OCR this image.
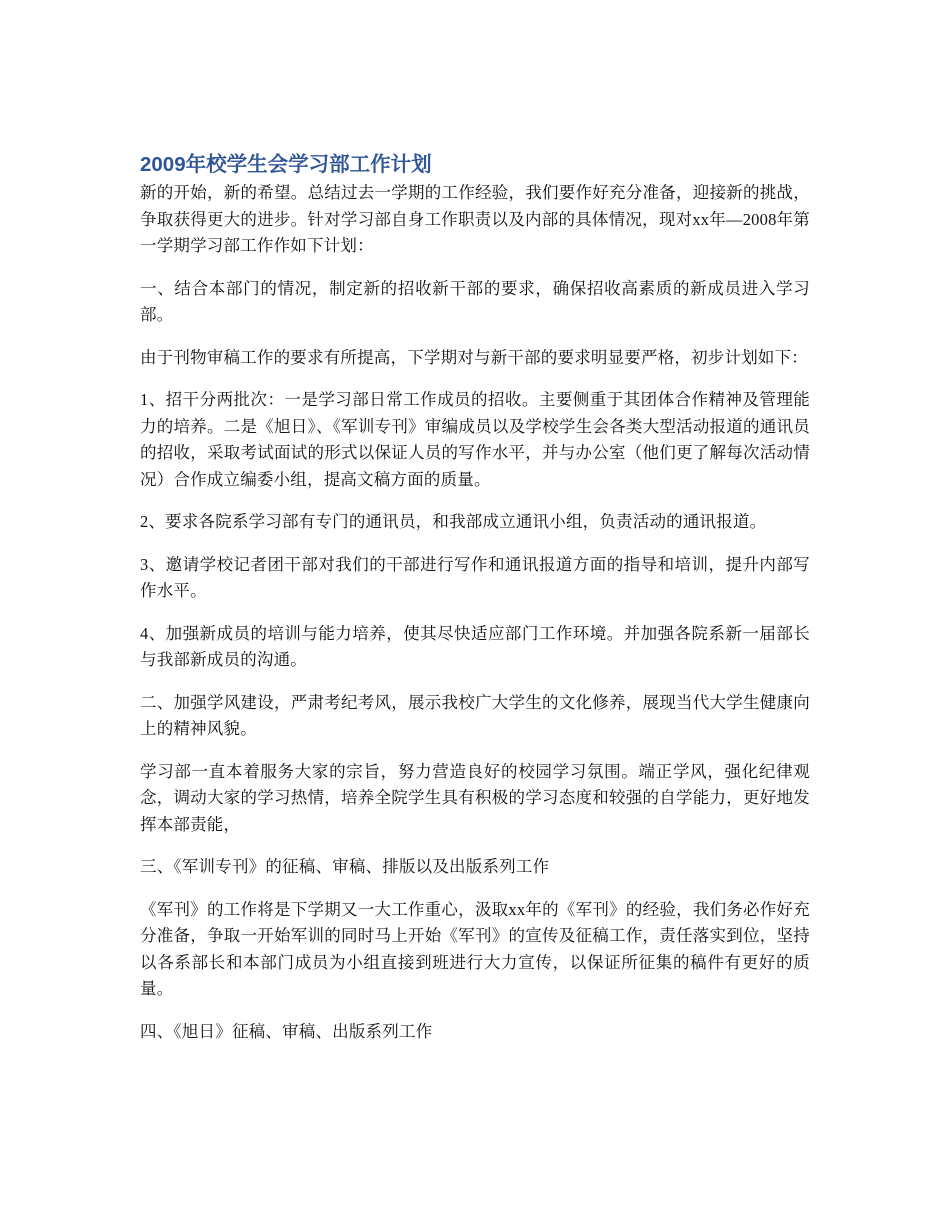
2009年校学生会学习部工作计划

新的开始，新的希望。总结过去一学期的工作经验，我们要作好充分准备，迎接新的挑战，争取获得更大的进步。针对学习部自身工作职责以及内部的具体情况，现对xx年—2008年第一学期学习部工作作如下计划：

一、结合本部门的情况，制定新的招收新干部的要求，确保招收高素质的新成员进入学习部。

由于刊物审稿工作的要求有所提高，下学期对与新干部的要求明显要严格，初步计划如下：

1、招干分两批次：一是学习部日常工作成员的招收。主要侧重于其团体合作精神及管理能力的培养。二是《旭日》、《军训专刊》审编成员以及学校学生会各类大型活动报道的通讯员的招收，采取考试面试的形式以保证人员的写作水平，并与办公室（他们更了解每次活动情况）合作成立编委小组，提高文稿方面的质量。

2、要求各院系学习部有专门的通讯员，和我部成立通讯小组，负责活动的通讯报道。

3、邀请学校记者团干部对我们的干部进行写作和通讯报道方面的指导和培训，提升内部写作水平。

4、加强新成员的培训与能力培养，使其尽快适应部门工作环境。并加强各院系新一届部长与我部新成员的沟通。

二、加强学风建设，严肃考纪考风，展示我校广大学生的文化修养，展现当代大学生健康向上的精神风貌。

学习部一直本着服务大家的宗旨，努力营造良好的校园学习氛围。端正学风，强化纪律观念，调动大家的学习热情，培养全院学生具有积极的学习态度和较强的自学能力，更好地发挥本部责能，

三、《军训专刊》的征稿、审稿、排版以及出版系列工作

《军刊》的工作将是下学期又一大工作重心，汲取xx年的《军刊》的经验，我们务必作好充分准备，争取一开始军训的同时马上开始《军刊》的宣传及征稿工作，责任落实到位，坚持以各系部长和本部门成员为小组直接到班进行大力宣传，以保证所征集的稿件有更好的质量。

四、《旭日》征稿、审稿、出版系列工作
